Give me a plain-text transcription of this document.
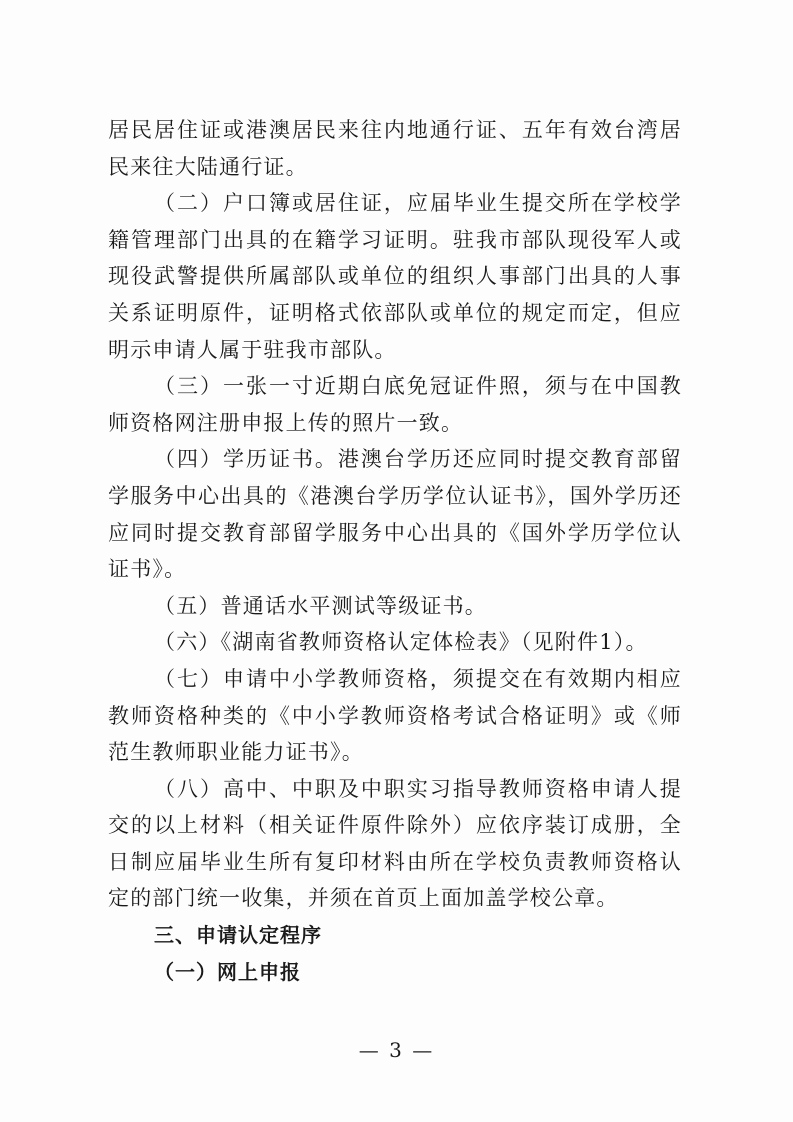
居民居住证或港澳居民来往内地通行证、五年有效台湾居民来往大陆通行证。

（二）户口簿或居住证，应届毕业生提交所在学校学籍管理部门出具的在籍学习证明。驻我市部队现役军人或现役武警提供所属部队或单位的组织人事部门出具的人事关系证明原件，证明格式依部队或单位的规定而定，但应明示申请人属于驻我市部队。

（三）一张一寸近期白底免冠证件照，须与在中国教师资格网注册申报上传的照片一致。

（四）学历证书。港澳台学历还应同时提交教育部留学服务中心出具的《港澳台学历学位认证书》，国外学历还应同时提交教育部留学服务中心出具的《国外学历学位认证书》。

（五）普通话水平测试等级证书。

（六）《湖南省教师资格认定体检表》（见附件1）。

（七）申请中小学教师资格，须提交在有效期内相应教师资格种类的《中小学教师资格考试合格证明》或《师范生教师职业能力证书》。

（八）高中、中职及中职实习指导教师资格申请人提交的以上材料（相关证件原件除外）应依序装订成册，全日制应届毕业生所有复印材料由所在学校负责教师资格认定的部门统一收集，并须在首页上面加盖学校公章。

三、申请认定程序

（一）网上申报

— 3 —
